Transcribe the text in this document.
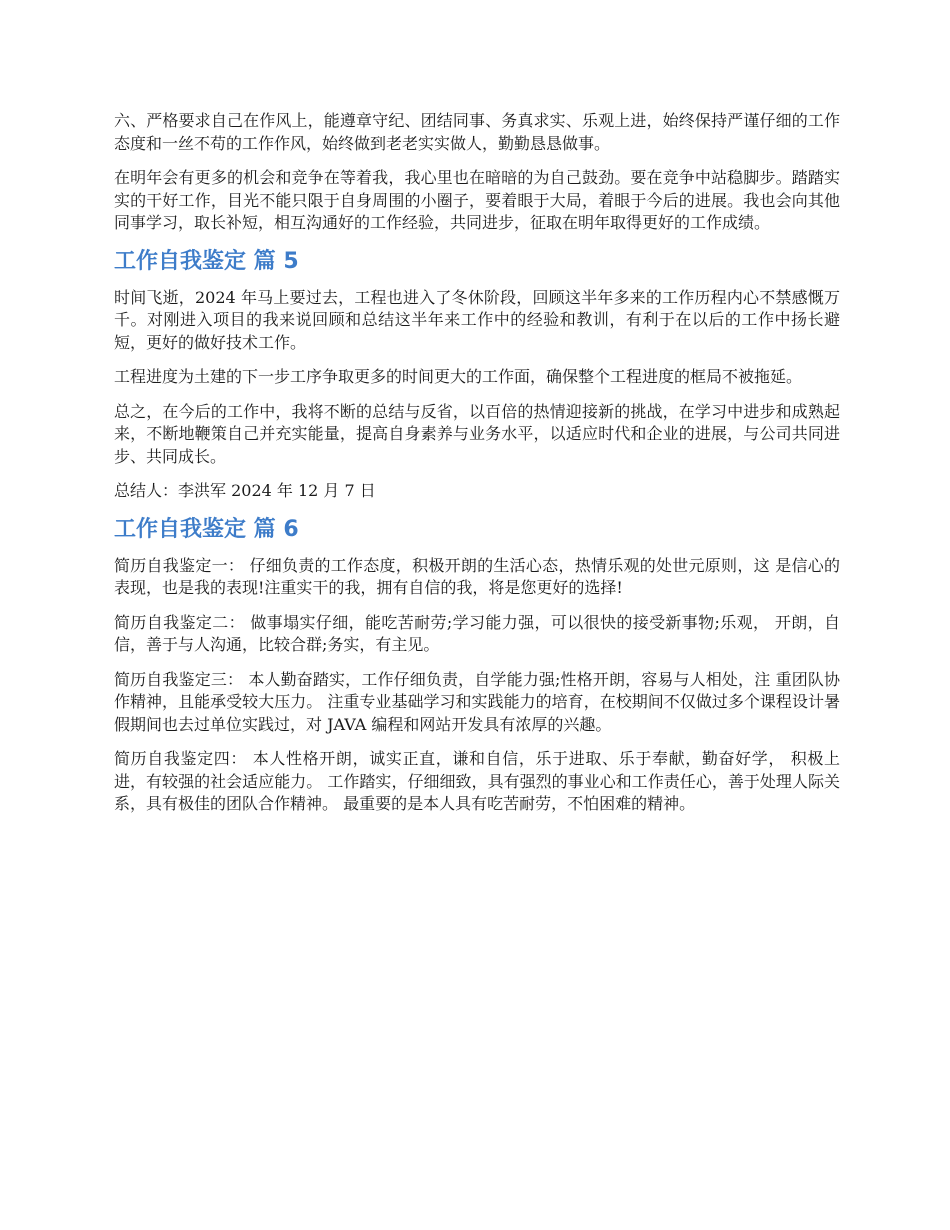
六、严格要求自己在作风上，能遵章守纪、团结同事、务真求实、乐观上进，始终保持严谨仔细的工作态度和一丝不苟的工作作风，始终做到老老实实做人，勤勤恳恳做事。

在明年会有更多的机会和竞争在等着我，我心里也在暗暗的为自己鼓劲。要在竞争中站稳脚步。踏踏实实的干好工作，目光不能只限于自身周围的小圈子，要着眼于大局，着眼于今后的进展。我也会向其他同事学习，取长补短，相互沟通好的工作经验，共同进步，征取在明年取得更好的工作成绩。

工作自我鉴定 篇 5

时间飞逝，2024 年马上要过去，工程也进入了冬休阶段，回顾这半年多来的工作历程内心不禁感慨万千。对刚进入项目的我来说回顾和总结这半年来工作中的经验和教训，有利于在以后的工作中扬长避短，更好的做好技术工作。

工程进度为土建的下一步工序争取更多的时间更大的工作面，确保整个工程进度的框局不被拖延。

总之，在今后的工作中，我将不断的总结与反省，以百倍的热情迎接新的挑战，在学习中进步和成熟起来，不断地鞭策自己并充实能量，提高自身素养与业务水平，以适应时代和企业的进展，与公司共同进步、共同成长。

总结人：李洪军 2024 年 12 月 7 日

工作自我鉴定 篇 6

简历自我鉴定一： 仔细负责的工作态度，积极开朗的生活心态，热情乐观的处世元原则，这 是信心的表现，也是我的表现!注重实干的我，拥有自信的我，将是您更好的选择!

简历自我鉴定二： 做事塌实仔细，能吃苦耐劳;学习能力强，可以很快的接受新事物;乐观， 开朗，自信，善于与人沟通，比较合群;务实，有主见。

简历自我鉴定三： 本人勤奋踏实，工作仔细负责，自学能力强;性格开朗，容易与人相处，注 重团队协作精神，且能承受较大压力。 注重专业基础学习和实践能力的培育，在校期间不仅做过多个课程设计暑 假期间也去过单位实践过，对 JAVA 编程和网站开发具有浓厚的兴趣。

简历自我鉴定四： 本人性格开朗，诚实正直，谦和自信，乐于进取、乐于奉献，勤奋好学， 积极上进，有较强的社会适应能力。 工作踏实，仔细细致，具有强烈的事业心和工作责任心，善于处理人际关 系，具有极佳的团队合作精神。 最重要的是本人具有吃苦耐劳，不怕困难的精神。
